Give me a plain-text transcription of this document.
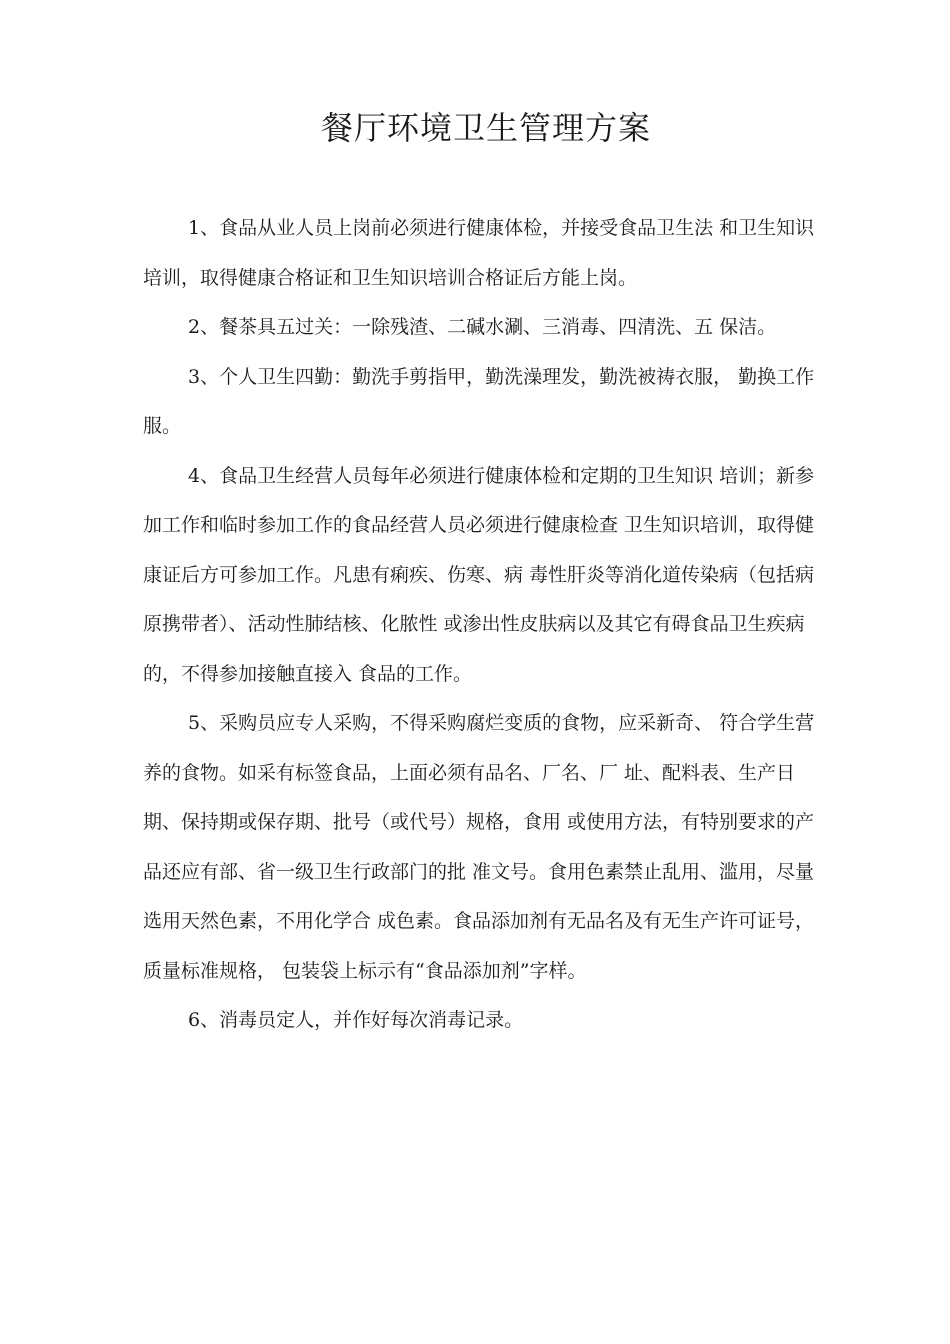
餐厅环境卫生管理方案

1、食品从业人员上岗前必须进行健康体检，并接受食品卫生法 和卫生知识培训，取得健康合格证和卫生知识培训合格证后方能上岗。

2、餐茶具五过关：一除残渣、二碱水涮、三消毒、四清洗、五 保洁。

3、个人卫生四勤：勤洗手剪指甲，勤洗澡理发，勤洗被祷衣服， 勤换工作服。

4、食品卫生经营人员每年必须进行健康体检和定期的卫生知识 培训；新参加工作和临时参加工作的食品经营人员必须进行健康检查 卫生知识培训，取得健康证后方可参加工作。凡患有痢疾、伤寒、病 毒性肝炎等消化道传染病（包括病原携带者）、活动性肺结核、化脓性 或渗出性皮肤病以及其它有碍食品卫生疾病的，不得参加接触直接入 食品的工作。

5、采购员应专人采购，不得采购腐烂变质的食物，应采新奇、 符合学生营养的食物。如采有标签食品，上面必须有品名、厂名、厂 址、配料表、生产日期、保持期或保存期、批号（或代号）规格，食用 或使用方法，有特别要求的产品还应有部、省一级卫生行政部门的批 准文号。食用色素禁止乱用、滥用，尽量选用天然色素，不用化学合 成色素。食品添加剂有无品名及有无生产许可证号，质量标准规格， 包装袋上标示有“食品添加剂”字样。

6、消毒员定人，并作好每次消毒记录。
